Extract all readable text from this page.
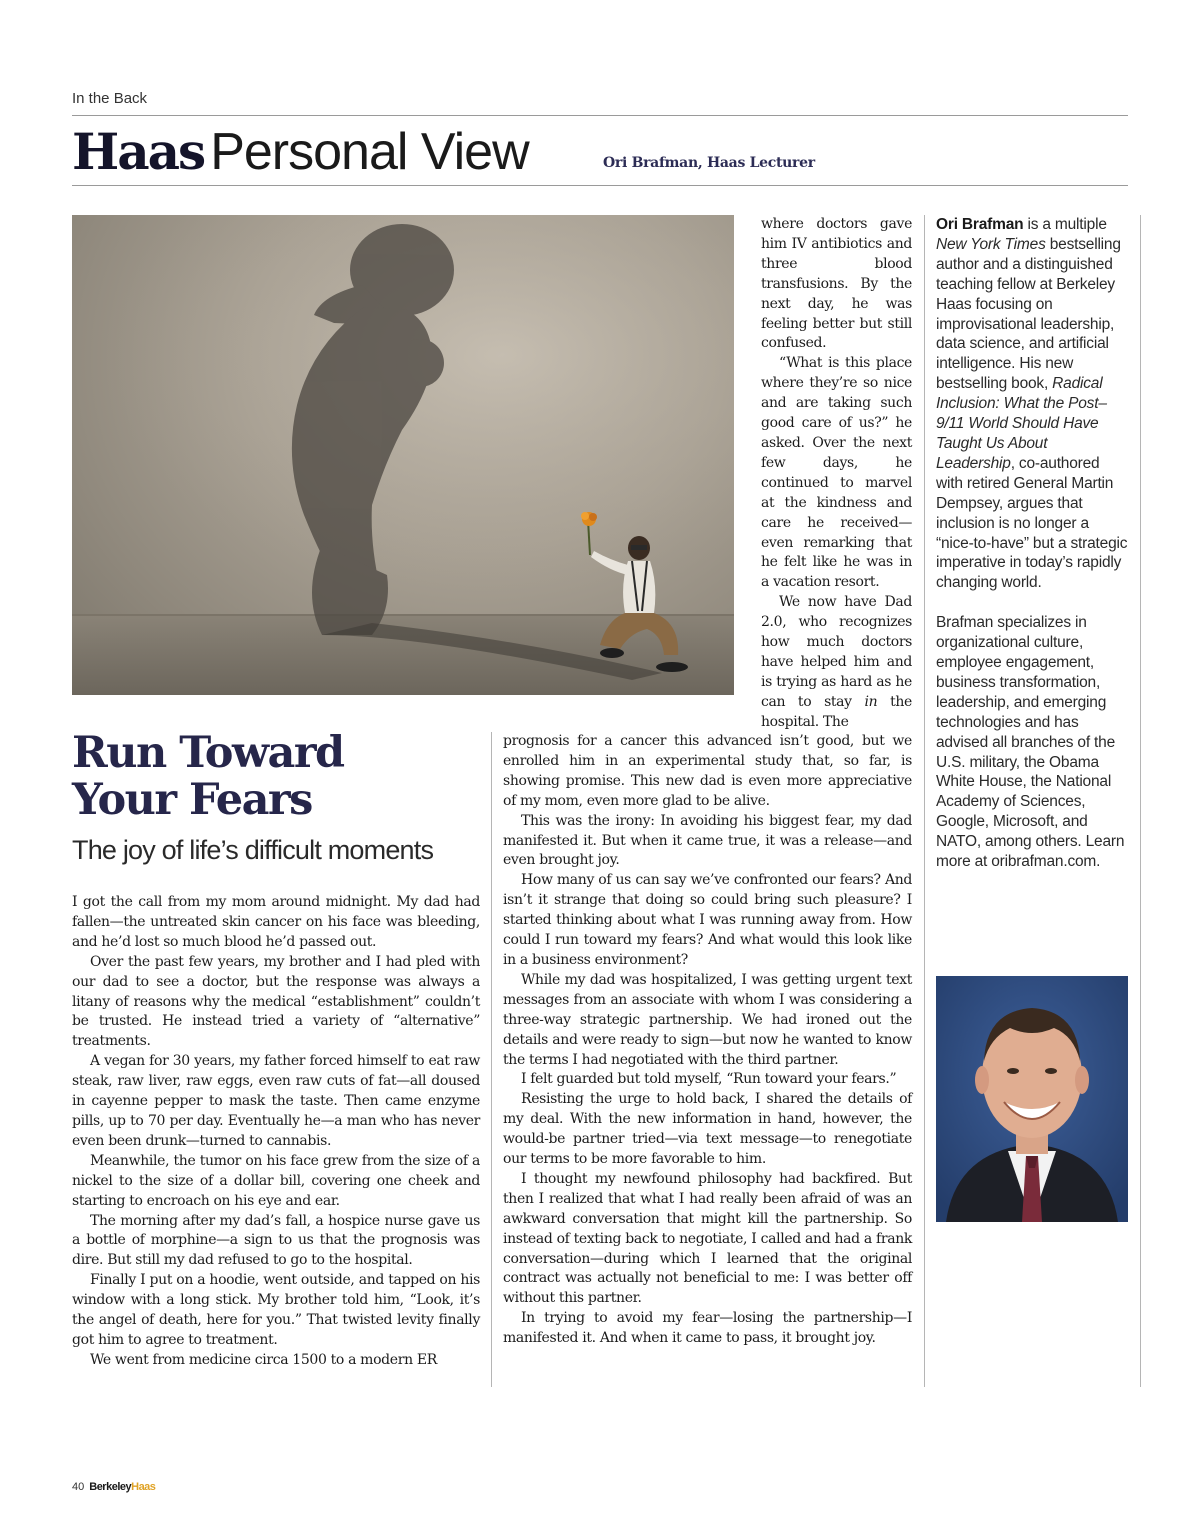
In the Back
Haas Personal View	Ori Brafman, Haas Lecturer
Run Toward
Your Fears
The joy of life’s difficult moments

I got the call from my mom around midnight. My dad had fallen—the untreated skin cancer on his face was bleeding, and he’d lost so much blood he’d passed out.

Over the past few years, my brother and I had pled with our dad to see a doctor, but the response was always a litany of reasons why the medical “establishment” couldn’t be trusted. He instead tried a variety of “alternative” treatments.

A vegan for 30 years, my father forced himself to eat raw steak, raw liver, raw eggs, even raw cuts of fat—all doused in cayenne pepper to mask the taste. Then came enzyme pills, up to 70 per day. Eventually he—a man who has never even been drunk—turned to cannabis.

Meanwhile, the tumor on his face grew from the size of a nickel to the size of a dollar bill, covering one cheek and starting to encroach on his eye and ear.

The morning after my dad’s fall, a hospice nurse gave us a bottle of morphine—a sign to us that the prognosis was dire. But still my dad refused to go to the hospital.

Finally I put on a hoodie, went outside, and tapped on his window with a long stick. My brother told him, “Look, it’s the angel of death, here for you.” That twisted levity finally got him to agree to treatment.

We went from medicine circa 1500 to a modern ER

where doctors gave him IV antibiotics and three blood transfusions. By the next day, he was feeling better but still confused.

“What is this place where they’re so nice and are taking such good care of us?” he asked. Over the next few days, he continued to marvel at the kindness and care he received—even remarking that he felt like he was in a vacation resort.

We now have Dad 2.0, who recognizes how much doctors have helped him and is trying as hard as he can to stay in the hospital. The

prognosis for a cancer this advanced isn’t good, but we enrolled him in an experimental study that, so far, is showing promise. This new dad is even more appreciative of my mom, even more glad to be alive.

This was the irony: In avoiding his biggest fear, my dad manifested it. But when it came true, it was a release—and even brought joy.

How many of us can say we’ve confronted our fears? And isn’t it strange that doing so could bring such pleasure? I started thinking about what I was running away from. How could I run toward my fears? And what would this look like in a business environment?

While my dad was hospitalized, I was getting urgent text messages from an associate with whom I was considering a three-way strategic partnership. We had ironed out the details and were ready to sign—but now he wanted to know the terms I had negotiated with the third partner.

I felt guarded but told myself, “Run toward your fears.”

Resisting the urge to hold back, I shared the details of my deal. With the new information in hand, however, the would-be partner tried—via text message—to renegotiate our terms to be more favorable to him.

I thought my newfound philosophy had backfired. But then I realized that what I had really been afraid of was an awkward conversation that might kill the partnership. So instead of texting back to negotiate, I called and had a frank conversation—during which I learned that the original contract was actually not beneficial to me: I was better off without this partner.

In trying to avoid my fear—losing the partnership—I manifested it. And when it came to pass, it brought joy.

Ori Brafman is a multiple New York Times bestselling author and a distinguished teaching fellow at Berkeley Haas focusing on improvisational leadership, data science, and artificial intelligence. His new bestselling book, Radical Inclusion: What the Post–9/11 World Should Have Taught Us About Leadership, co-authored with retired General Martin Dempsey, argues that inclusion is no longer a “nice-to-have” but a strategic imperative in today’s rapidly changing world.

Brafman specializes in organizational culture, employee engagement, business transformation, leadership, and emerging technologies and has advised all branches of the U.S. military, the Obama White House, the National Academy of Sciences, Google, Microsoft, and NATO, among others. Learn more at oribrafman.com.

40 BerkeleyHaas
